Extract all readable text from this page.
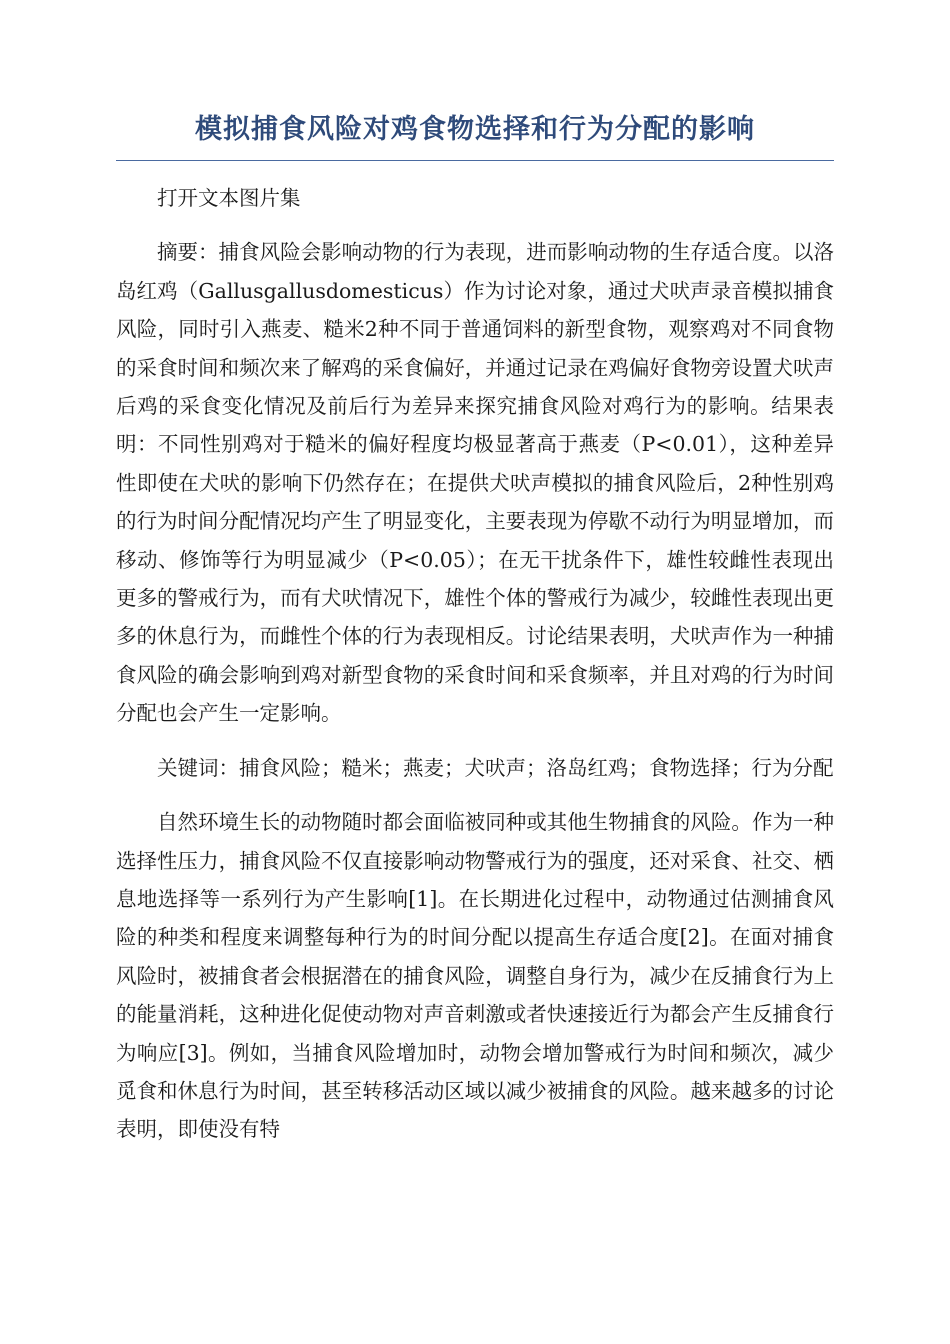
模拟捕食风险对鸡食物选择和行为分配的影响

打开文本图片集

摘要：捕食风险会影响动物的行为表现，进而影响动物的生存适合度。以洛岛红鸡（Gallusgallusdomesticus）作为讨论对象，通过犬吠声录音模拟捕食风险，同时引入燕麦、糙米2种不同于普通饲料的新型食物，观察鸡对不同食物的采食时间和频次来了解鸡的采食偏好，并通过记录在鸡偏好食物旁设置犬吠声后鸡的采食变化情况及前后行为差异来探究捕食风险对鸡行为的影响。结果表明：不同性别鸡对于糙米的偏好程度均极显著高于燕麦（P<0.01），这种差异性即使在犬吠的影响下仍然存在；在提供犬吠声模拟的捕食风险后，2种性别鸡的行为时间分配情况均产生了明显变化，主要表现为停歇不动行为明显增加，而移动、修饰等行为明显减少（P<0.05）；在无干扰条件下，雄性较雌性表现出更多的警戒行为，而有犬吠情况下，雄性个体的警戒行为减少，较雌性表现出更多的休息行为，而雌性个体的行为表现相反。讨论结果表明，犬吠声作为一种捕食风险的确会影响到鸡对新型食物的采食时间和采食频率，并且对鸡的行为时间分配也会产生一定影响。

关键词：捕食风险；糙米；燕麦；犬吠声；洛岛红鸡；食物选择；行为分配

自然环境生长的动物随时都会面临被同种或其他生物捕食的风险。作为一种选择性压力，捕食风险不仅直接影响动物警戒行为的强度，还对采食、社交、栖息地选择等一系列行为产生影响[1]。在长期进化过程中，动物通过估测捕食风险的种类和程度来调整每种行为的时间分配以提高生存适合度[2]。在面对捕食风险时，被捕食者会根据潜在的捕食风险，调整自身行为，减少在反捕食行为上的能量消耗，这种进化促使动物对声音刺激或者快速接近行为都会产生反捕食行为响应[3]。例如，当捕食风险增加时，动物会增加警戒行为时间和频次，减少觅食和休息行为时间，甚至转移活动区域以减少被捕食的风险。越来越多的讨论表明，即使没有特
